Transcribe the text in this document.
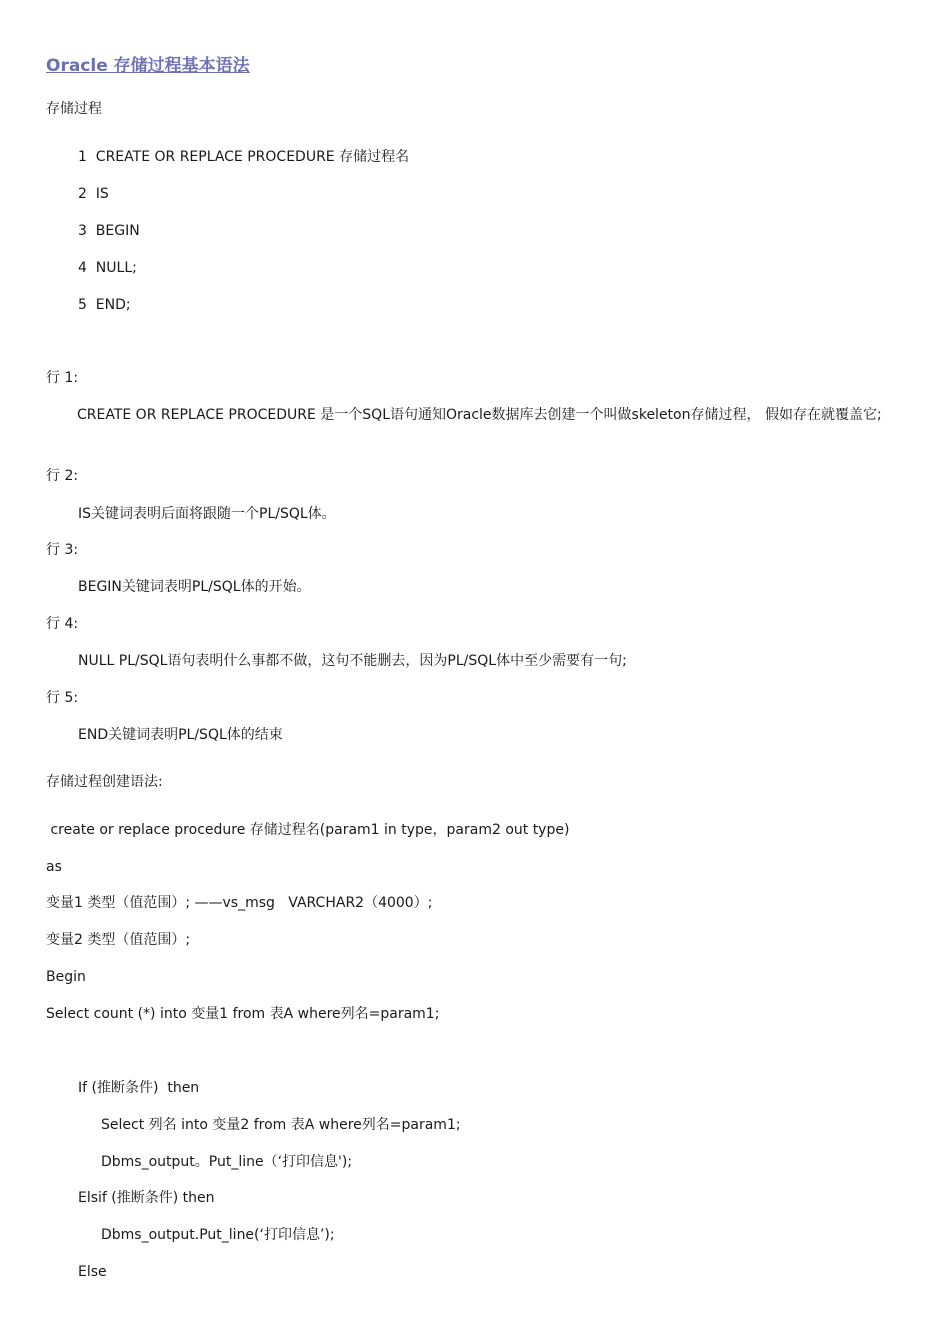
Oracle 存储过程基本语法
存储过程
1  CREATE OR REPLACE PROCEDURE 存储过程名
2  IS
3  BEGIN
4  NULL;
5  END;
行 1:
CREATE OR REPLACE PROCEDURE 是一个SQL语句通知Oracle数据库去创建一个叫做skeleton存储过程， 假如存在就覆盖它;
行 2:
IS关键词表明后面将跟随一个PL/SQL体。
行 3:
BEGIN关键词表明PL/SQL体的开始。
行 4:
NULL PL/SQL语句表明什么事都不做，这句不能删去，因为PL/SQL体中至少需要有一句;
行 5:
END关键词表明PL/SQL体的结束
存储过程创建语法:
create or replace procedure 存储过程名(param1 in type，param2 out type)
as
变量1 类型（值范围）; ——vs_msg   VARCHAR2（4000）;
变量2 类型（值范围）;
Begin
Select count (*) into 变量1 from 表A where列名=param1;
If (推断条件)  then
Select 列名 into 变量2 from 表A where列名=param1;
Dbms_output。Put_line（‘打印信息');
Elsif (推断条件) then
Dbms_output.Put_line(‘打印信息’);
Else
